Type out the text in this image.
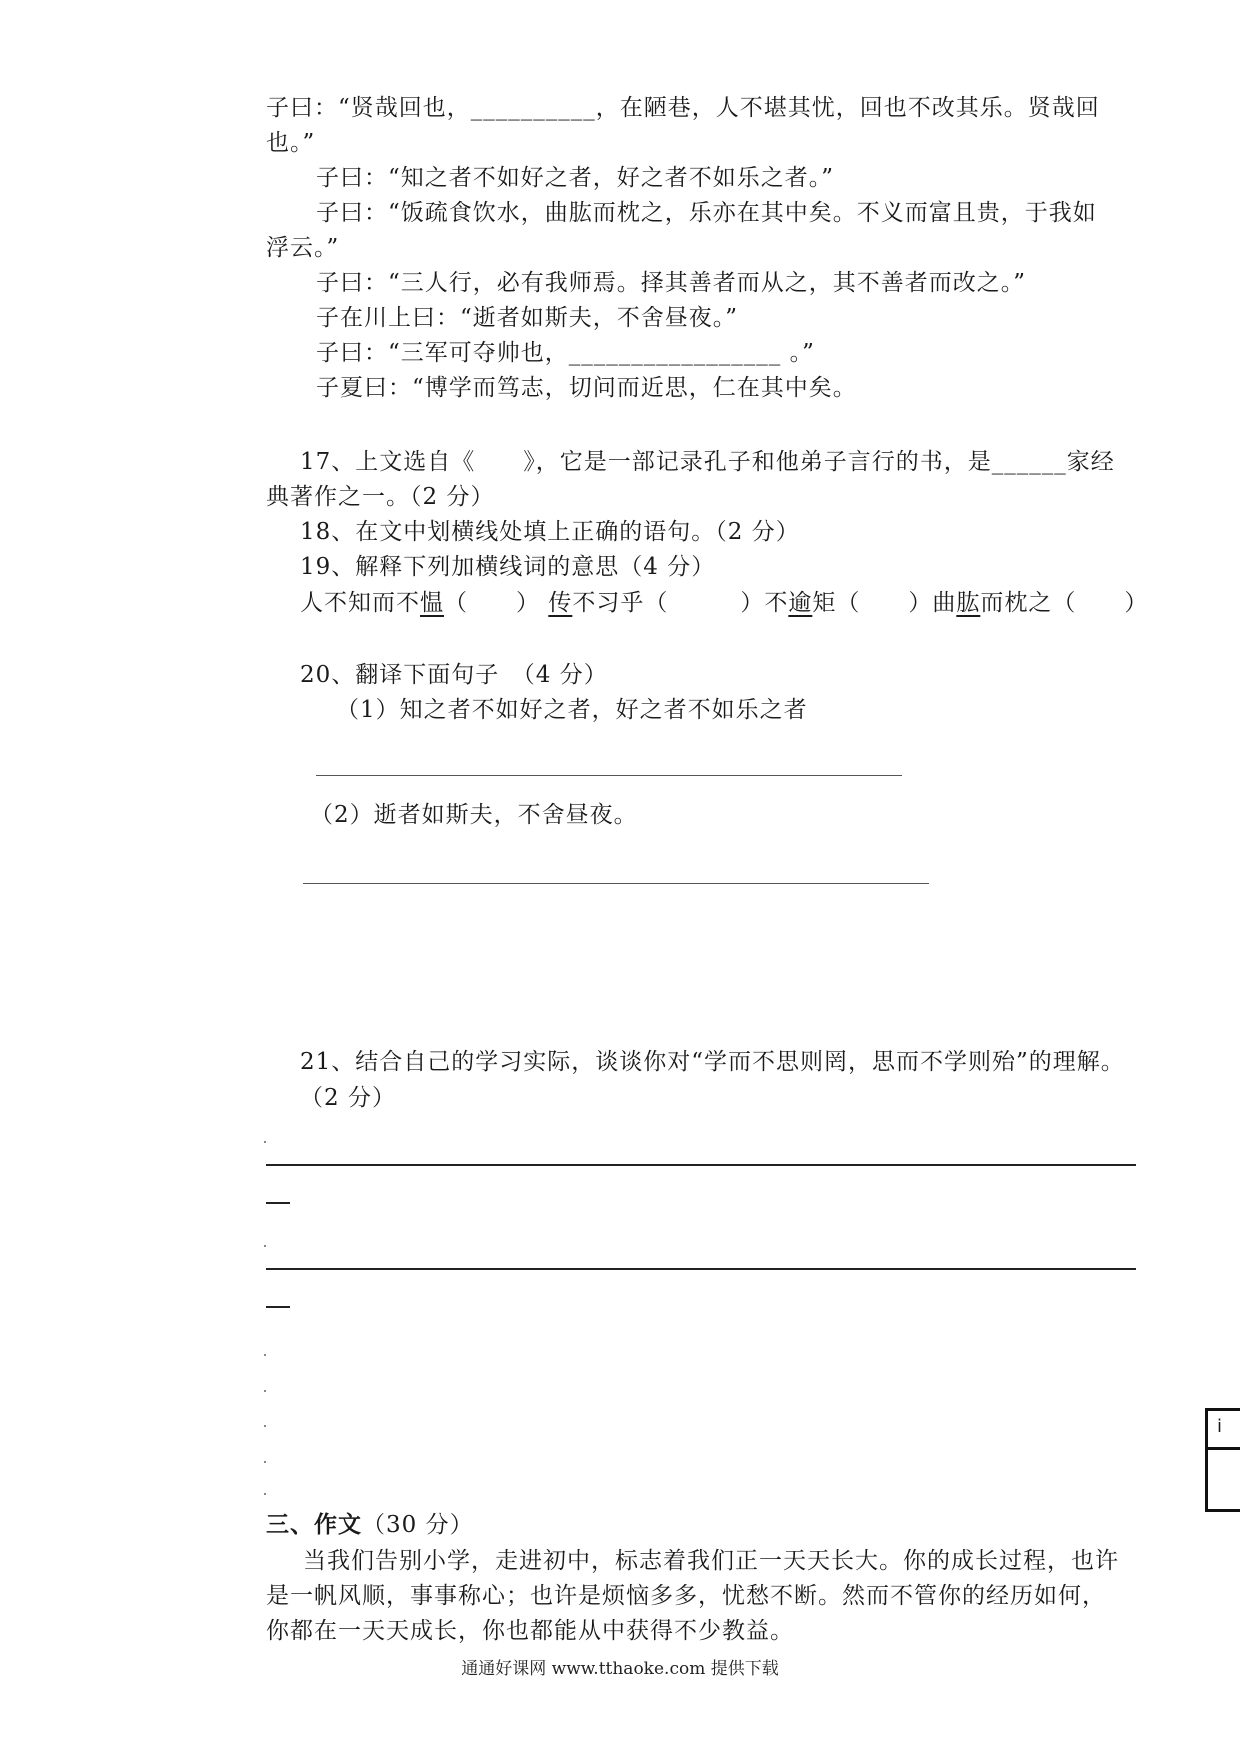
子曰：“贤哉回也，__________，在陋巷，人不堪其忧，回也不改其乐。贤哉回
也。”
子曰：“知之者不如好之者，好之者不如乐之者。”
子曰：“饭疏食饮水，曲肱而枕之，乐亦在其中矣。不义而富且贵，于我如
浮云。”
子曰：“三人行，必有我师焉。择其善者而从之，其不善者而改之。”
子在川上曰：“逝者如斯夫，不舍昼夜。”
子曰：“三军可夺帅也，_________________ 。”
子夏曰：“博学而笃志，切问而近思，仁在其中矣。
17、上文选自《　　》，它是一部记录孔子和他弟子言行的书，是______家经
典著作之一。（2 分）
18、在文中划横线处填上正确的语句。（2 分）
19、解释下列加横线词的意思（4 分）
人不知而不愠（　　） 传不习乎（　　　）不逾矩（　　）曲肱而枕之（　　）
20、翻译下面句子　（4 分）
（1）知之者不如好之者，好之者不如乐之者
（2）逝者如斯夫，不舍昼夜。
21、结合自己的学习实际，谈谈你对“学而不思则罔，思而不学则殆”的理解。
（2 分）
i
三、作文（30 分）
当我们告别小学，走进初中，标志着我们正一天天长大。你的成长过程，也许
是一帆风顺，事事称心；也许是烦恼多多，忧愁不断。然而不管你的经历如何，
你都在一天天成长，你也都能从中获得不少教益。
通通好课网 www.tthaoke.com 提供下载
